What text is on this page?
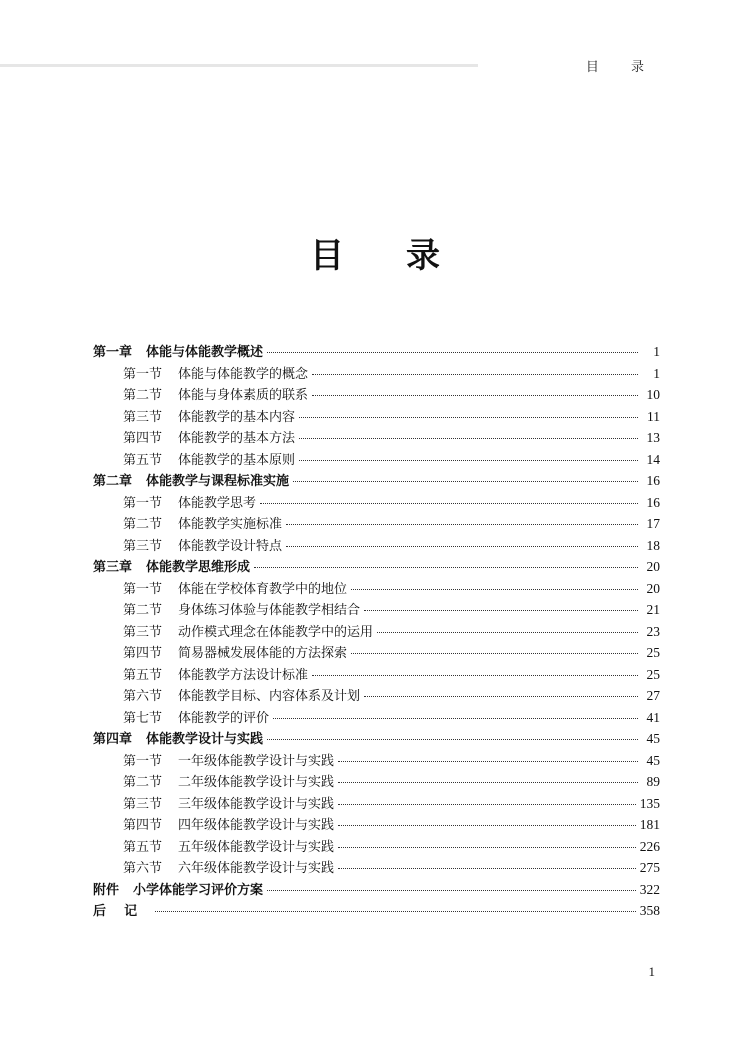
目 录
目录
第一章 体能与体能教学概述	1
第一节 体能与体能教学的概念	1
第二节 体能与身体素质的联系	10
第三节 体能教学的基本内容	11
第四节 体能教学的基本方法	13
第五节 体能教学的基本原则	14
第二章 体能教学与课程标准实施	16
第一节 体能教学思考	16
第二节 体能教学实施标准	17
第三节 体能教学设计特点	18
第三章 体能教学思维形成	20
第一节 体能在学校体育教学中的地位	20
第二节 身体练习体验与体能教学相结合	21
第三节 动作模式理念在体能教学中的运用	23
第四节 简易器械发展体能的方法探索	25
第五节 体能教学方法设计标准	25
第六节 体能教学目标、内容体系及计划	27
第七节 体能教学的评价	41
第四章 体能教学设计与实践	45
第一节 一年级体能教学设计与实践	45
第二节 二年级体能教学设计与实践	89
第三节 三年级体能教学设计与实践	135
第四节 四年级体能教学设计与实践	181
第五节 五年级体能教学设计与实践	226
第六节 六年级体能教学设计与实践	275
附件 小学体能学习评价方案	322
后    记	358
1
